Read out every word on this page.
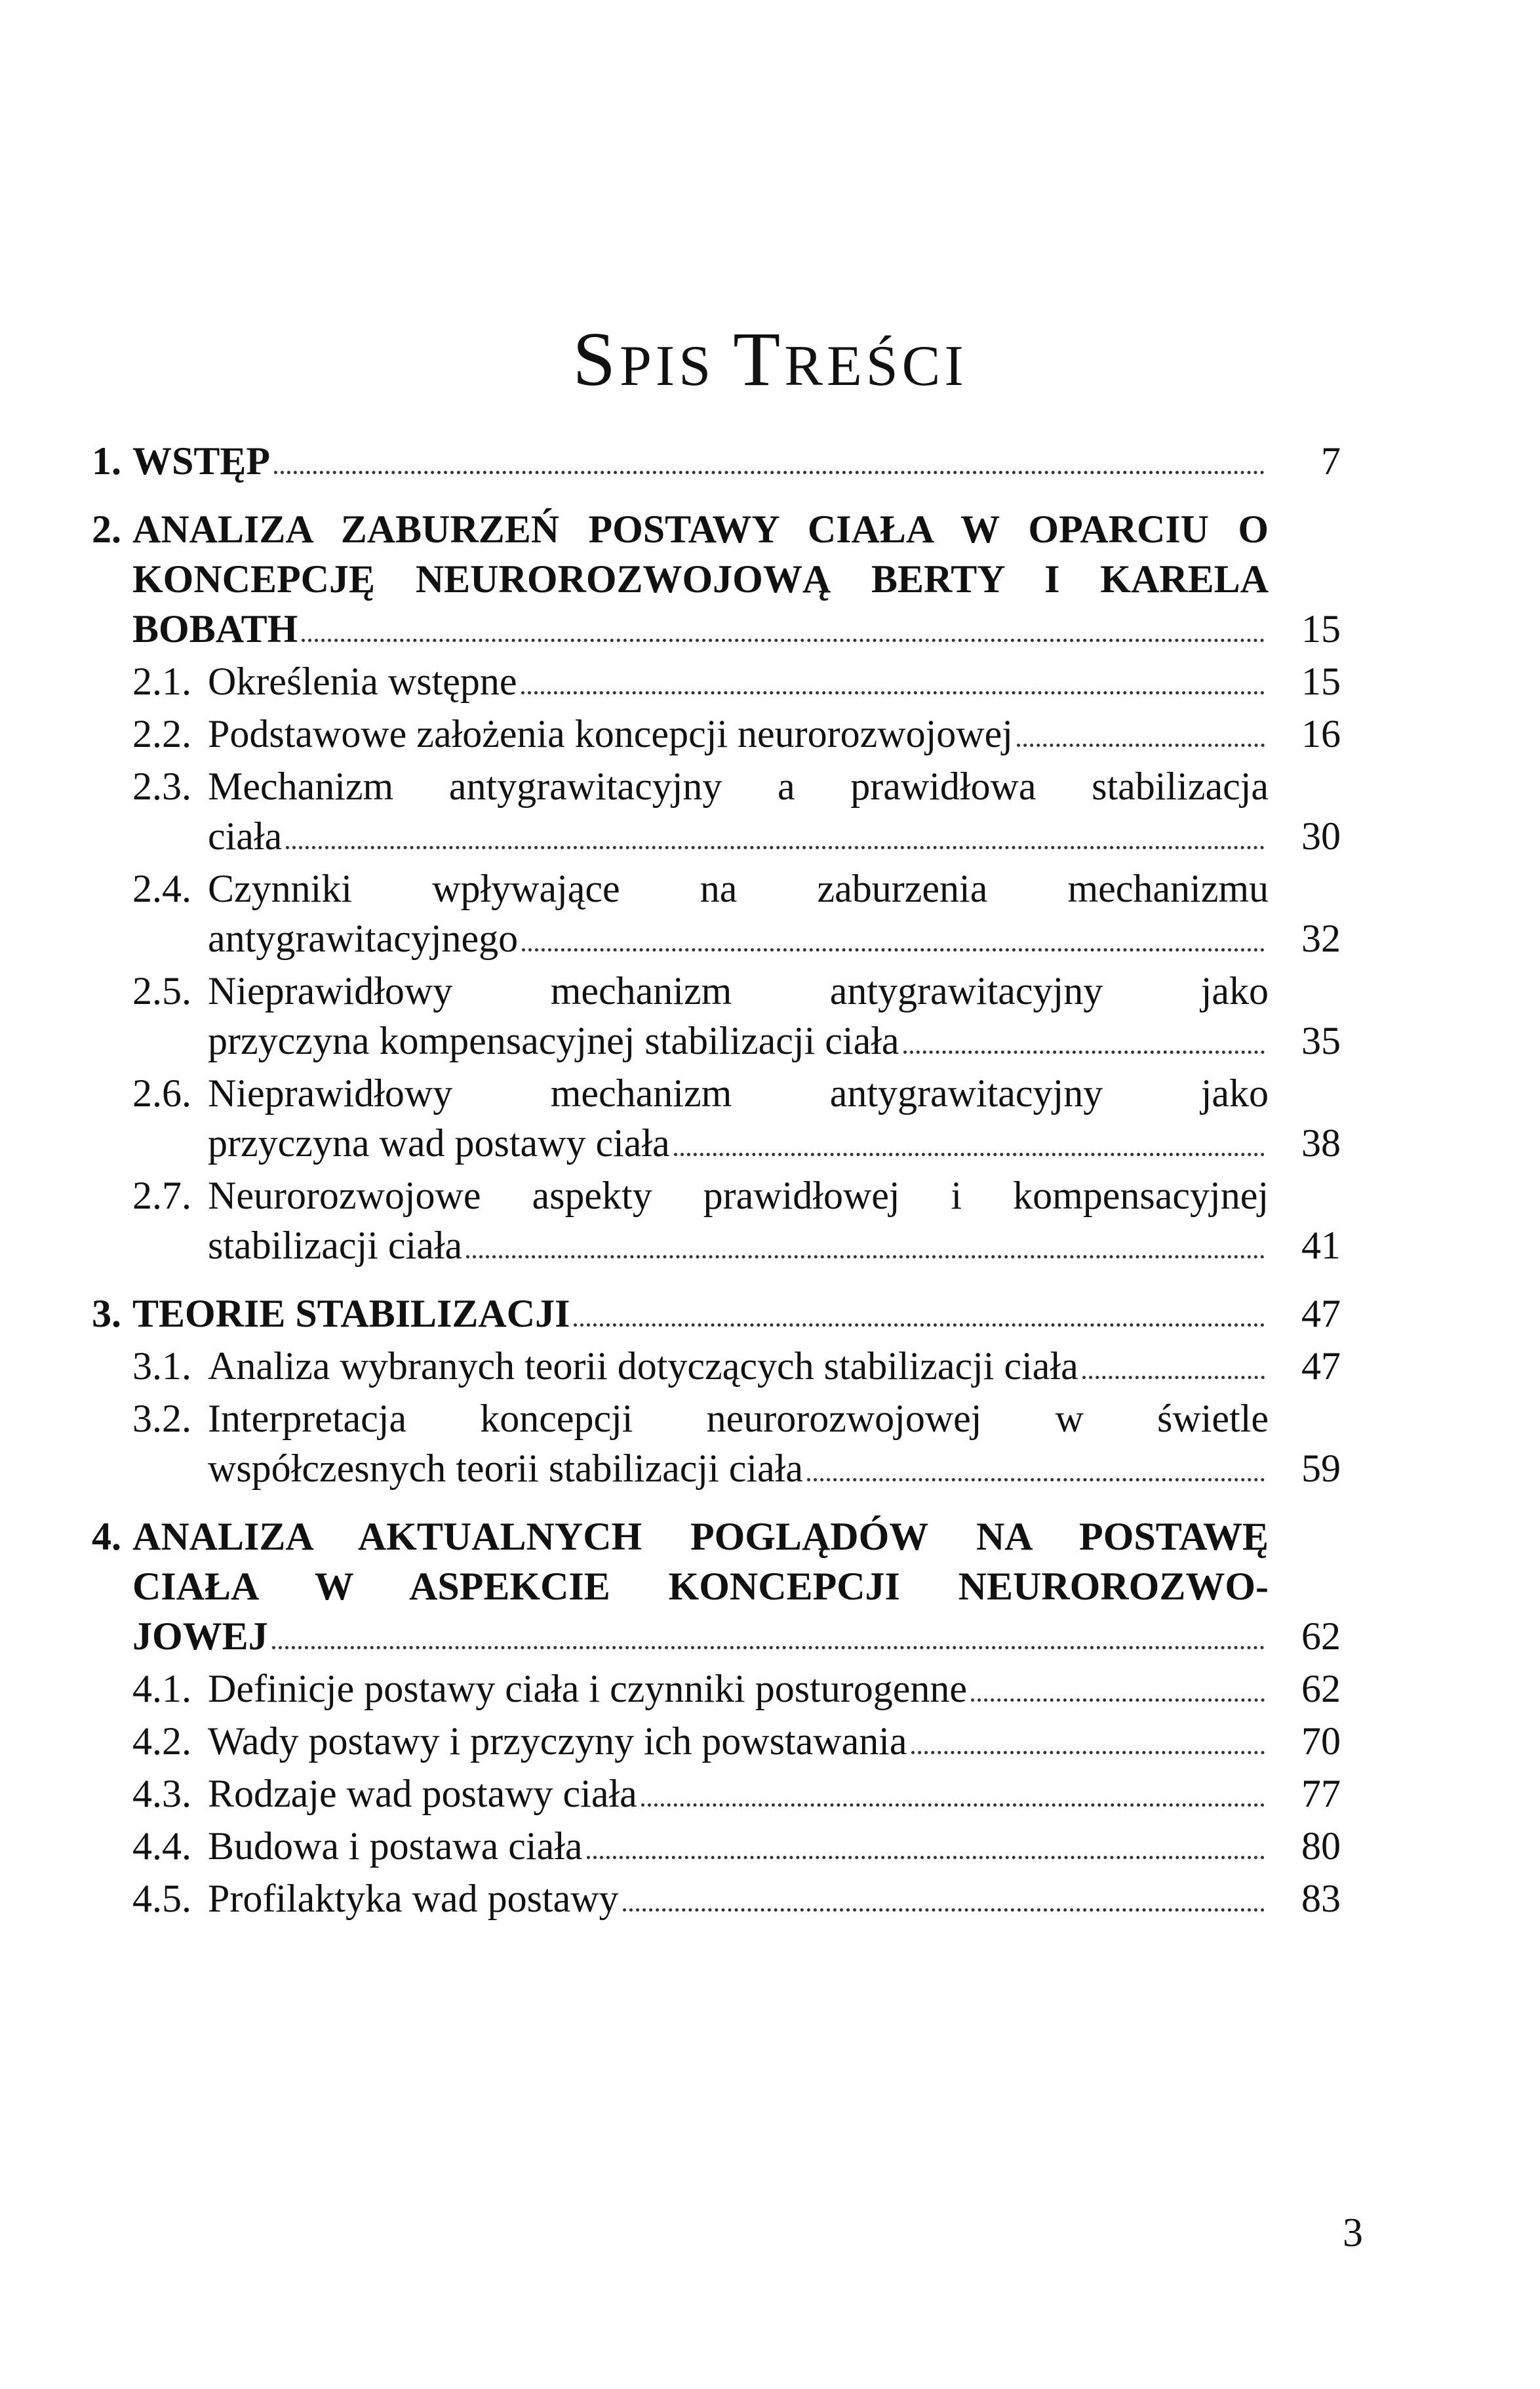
SPIS TREŚCI
1. WSTĘP	7
2. ANALIZA ZABURZEŃ POSTAWY CIAŁA W OPARCIU O
KONCEPCJĘ NEUROROZWOJOWĄ BERTY I KARELA
BOBATH	15
2.1. Określenia wstępne	15
2.2. Podstawowe założenia koncepcji neurorozwojowej	16
2.3. Mechanizm antygrawitacyjny a prawidłowa stabilizacja
ciała	30
2.4. Czynniki wpływające na zaburzenia mechanizmu
antygrawitacyjnego	32
2.5. Nieprawidłowy mechanizm antygrawitacyjny jako
przyczyna kompensacyjnej stabilizacji ciała	35
2.6. Nieprawidłowy mechanizm antygrawitacyjny jako
przyczyna wad postawy ciała	38
2.7. Neurorozwojowe aspekty prawidłowej i kompensacyjnej
stabilizacji ciała	41
3. TEORIE STABILIZACJI	47
3.1. Analiza wybranych teorii dotyczących stabilizacji ciała	47
3.2. Interpretacja koncepcji neurorozwojowej w świetle
współczesnych teorii stabilizacji ciała	59
4. ANALIZA AKTUALNYCH POGLĄDÓW NA POSTAWĘ
CIAŁA W ASPEKCIE KONCEPCJI NEUROROZWO-
JOWEJ	62
4.1. Definicje postawy ciała i czynniki posturogenne	62
4.2. Wady postawy i przyczyny ich powstawania	70
4.3. Rodzaje wad postawy ciała	77
4.4. Budowa i postawa ciała	80
4.5. Profilaktyka wad postawy	83
3
